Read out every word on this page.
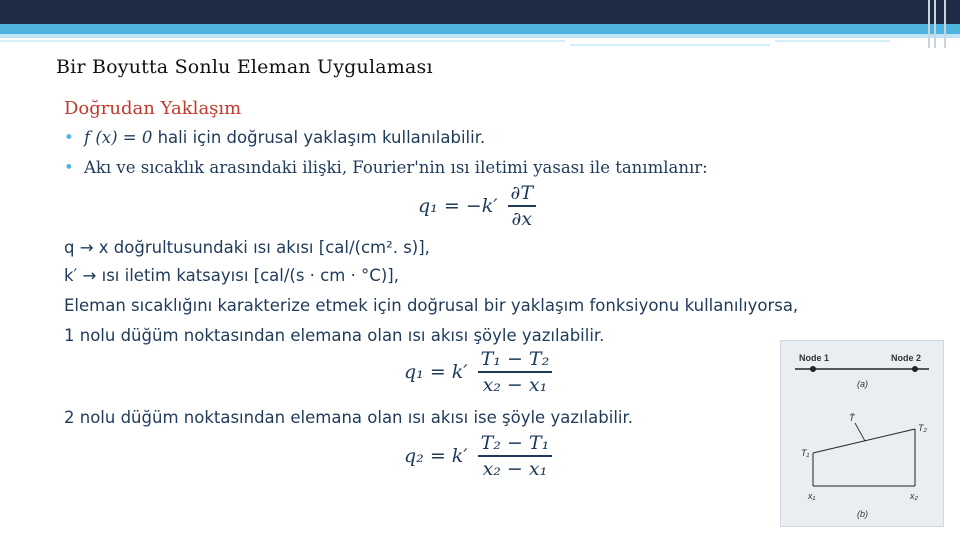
Bir Boyutta Sonlu Eleman Uygulaması
Doğrudan Yaklaşım
• f (x) = 0 hali için doğrusal yaklaşım kullanılabilir.
• Akı ve sıcaklık arasındaki ilişki, Fourier'nin ısı iletimi yasası ile tanımlanır:
q → x doğrultusundaki ısı akısı [cal/(cm². s)],
k′ → ısı iletim katsayısı [cal/(s · cm · °C)],
Eleman sıcaklığını karakterize etmek için doğrusal bir yaklaşım fonksiyonu kullanılıyorsa,
1 nolu düğüm noktasından elemana olan ısı akısı şöyle yazılabilir.
2 nolu düğüm noktasından elemana olan ısı akısı ise şöyle yazılabilir.
$q_1 = -k' \frac{\partial T}{\partial x}$
$q_1 = k' \frac{\text{T₁ − T₂}}{\text{x₂ − x₁}}$
$q_2 = k' \frac{\text{T₂ − T₁}}{\text{x₂ − x₁}}$
Node 1	Node 2
(a)
T̄
T₁
T₂
x₁	x₂
(b)
